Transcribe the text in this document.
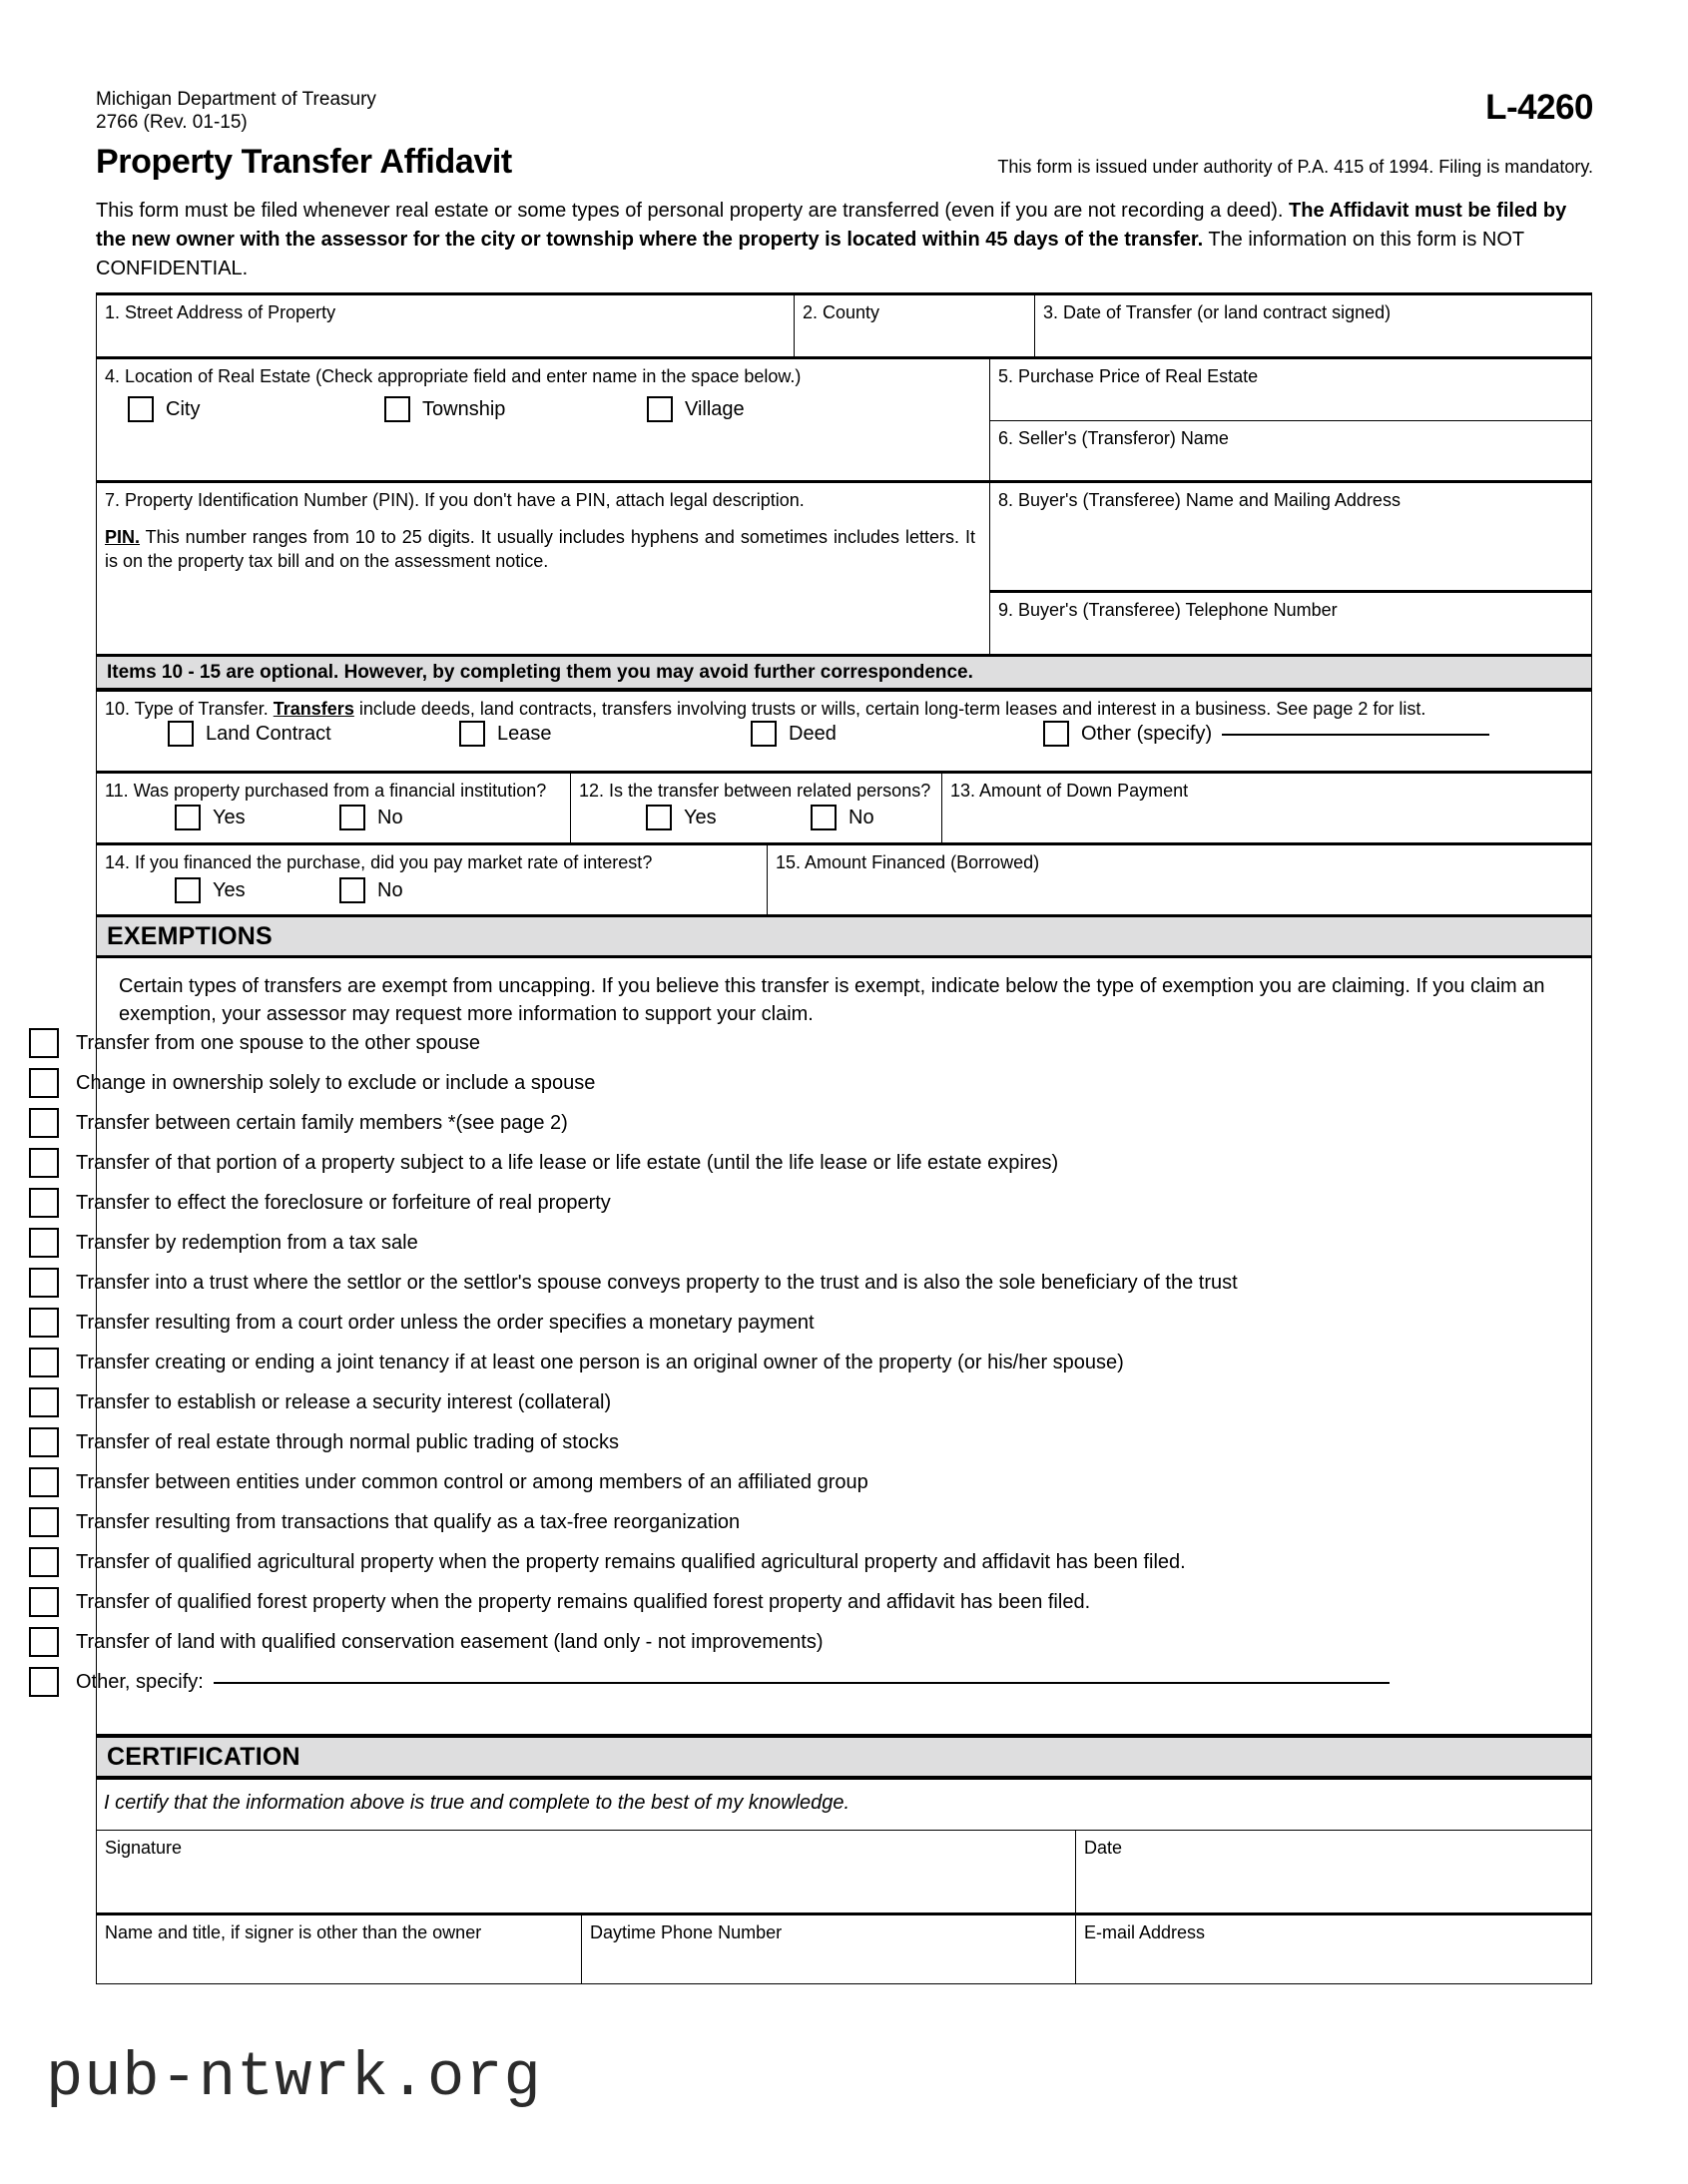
Michigan Department of Treasury
2766 (Rev. 01-15)	L-4260
Property Transfer Affidavit	This form is issued under authority of P.A. 415 of 1994. Filing is mandatory.
This form must be filed whenever real estate or some types of personal property are transferred (even if you are not recording a deed). The Affidavit must be filed by the new owner with the assessor for the city or township where the property is located within 45 days of the transfer. The information on this form is NOT CONFIDENTIAL.
1. Street Address of Property	2. County	3. Date of Transfer (or land contract signed)
4. Location of Real Estate (Check appropriate field and enter name in the space below.)
City	Township	Village
5. Purchase Price of Real Estate
6. Seller's (Transferor) Name
7. Property Identification Number (PIN). If you don't have a PIN, attach legal description.
PIN. This number ranges from 10 to 25 digits. It usually includes hyphens and sometimes includes letters. It is on the property tax bill and on the assessment notice.
8. Buyer's (Transferee) Name and Mailing Address
9. Buyer's (Transferee) Telephone Number
Items 10 - 15 are optional. However, by completing them you may avoid further correspondence.
10. Type of Transfer. Transfers include deeds, land contracts, transfers involving trusts or wills, certain long-term leases and interest in a business. See page 2 for list.
Land Contract	Lease	Deed	Other (specify)
11. Was property purchased from a financial institution?
Yes	No
12. Is the transfer between related persons?
Yes	No
13. Amount of Down Payment
14. If you financed the purchase, did you pay market rate of interest?
Yes	No
15. Amount Financed (Borrowed)
EXEMPTIONS
Certain types of transfers are exempt from uncapping. If you believe this transfer is exempt, indicate below the type of exemption you are claiming. If you claim an exemption, your assessor may request more information to support your claim.
Transfer from one spouse to the other spouse
Change in ownership solely to exclude or include a spouse
Transfer between certain family members *(see page 2)
Transfer of that portion of a property subject to a life lease or life estate (until the life lease or life estate expires)
Transfer to effect the foreclosure or forfeiture of real property
Transfer by redemption from a tax sale
Transfer into a trust where the settlor or the settlor's spouse conveys property to the trust and is also the sole beneficiary of the trust
Transfer resulting from a court order unless the order specifies a monetary payment
Transfer creating or ending a joint tenancy if at least one person is an original owner of the property (or his/her spouse)
Transfer to establish or release a security interest (collateral)
Transfer of real estate through normal public trading of stocks
Transfer between entities under common control or among members of an affiliated group
Transfer resulting from transactions that qualify as a tax-free reorganization
Transfer of qualified agricultural property when the property remains qualified agricultural property and affidavit has been filed.
Transfer of qualified forest property when the property remains qualified forest property and affidavit has been filed.
Transfer of land with qualified conservation easement (land only - not improvements)
Other, specify:
CERTIFICATION
I certify that the information above is true and complete to the best of my knowledge.
Signature	Date
Name and title, if signer is other than the owner	Daytime Phone Number	E-mail Address
pub-ntwrk.org
